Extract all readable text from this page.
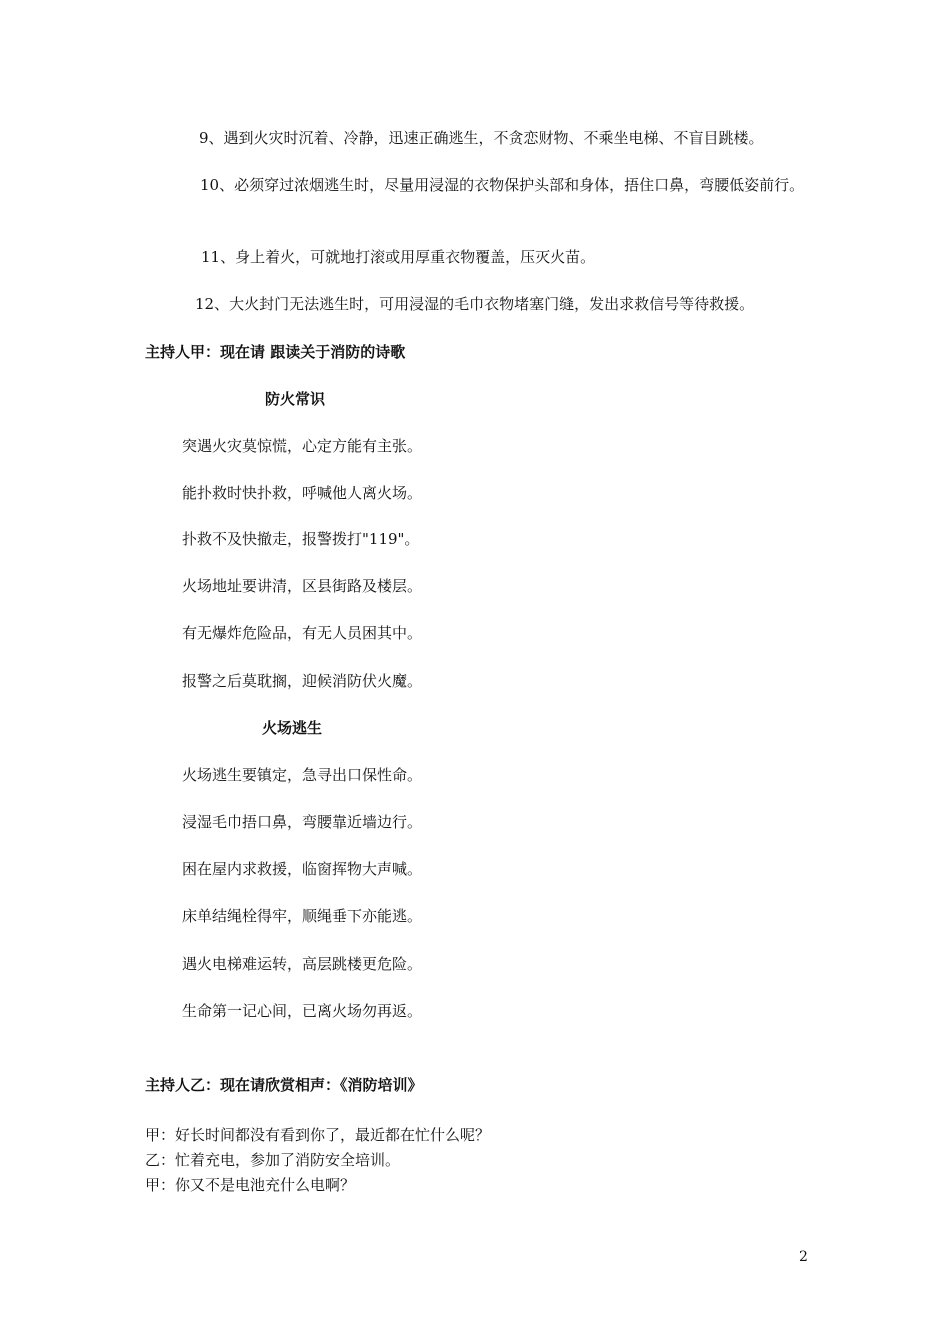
9、遇到火灾时沉着、冷静，迅速正确逃生，不贪恋财物、不乘坐电梯、不盲目跳楼。

10、必须穿过浓烟逃生时，尽量用浸湿的衣物保护头部和身体，捂住口鼻，弯腰低姿前行。

11、身上着火，可就地打滚或用厚重衣物覆盖，压灭火苗。

12、大火封门无法逃生时，可用浸湿的毛巾衣物堵塞门缝，发出求救信号等待救援。

主持人甲：现在请 跟读关于消防的诗歌

防火常识

突遇火灾莫惊慌，心定方能有主张。

能扑救时快扑救，呼喊他人离火场。

扑救不及快撤走，报警拨打"119"。

火场地址要讲清，区县街路及楼层。

有无爆炸危险品，有无人员困其中。

报警之后莫耽搁，迎候消防伏火魔。

火场逃生

火场逃生要镇定，急寻出口保性命。

浸湿毛巾捂口鼻，弯腰靠近墙边行。

困在屋内求救援，临窗挥物大声喊。

床单结绳栓得牢，顺绳垂下亦能逃。

遇火电梯难运转，高层跳楼更危险。

生命第一记心间，已离火场勿再返。

主持人乙：现在请欣赏相声：《消防培训》

甲：好长时间都没有看到你了，最近都在忙什么呢？

乙：忙着充电，参加了消防安全培训。

甲：你又不是电池充什么电啊？

2
